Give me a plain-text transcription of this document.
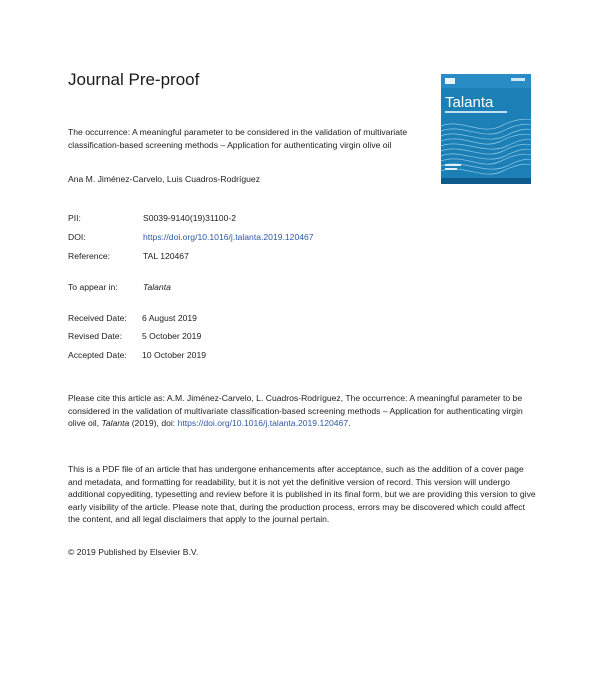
Journal Pre-proof
Talanta
The occurrence: A meaningful parameter to be considered in the validation of multivariate classification-based screening methods – Application for authenticating virgin olive oil
Ana M. Jiménez-Carvelo, Luis Cuadros-Rodríguez
PII:	S0039-9140(19)31100-2
DOI:	https://doi.org/10.1016/j.talanta.2019.120467
Reference:	TAL 120467
To appear in:	Talanta
Received Date: 6 August 2019
Revised Date: 5 October 2019
Accepted Date: 10 October 2019
Please cite this article as: A.M. Jiménez-Carvelo, L. Cuadros-Rodríguez, The occurrence: A meaningful parameter to be considered in the validation of multivariate classification-based screening methods – Application for authenticating virgin olive oil, Talanta (2019), doi: https://doi.org/10.1016/j.talanta.2019.120467.
This is a PDF file of an article that has undergone enhancements after acceptance, such as the addition of a cover page and metadata, and formatting for readability, but it is not yet the definitive version of record. This version will undergo additional copyediting, typesetting and review before it is published in its final form, but we are providing this version to give early visibility of the article. Please note that, during the production process, errors may be discovered which could affect the content, and all legal disclaimers that apply to the journal pertain.
© 2019 Published by Elsevier B.V.
